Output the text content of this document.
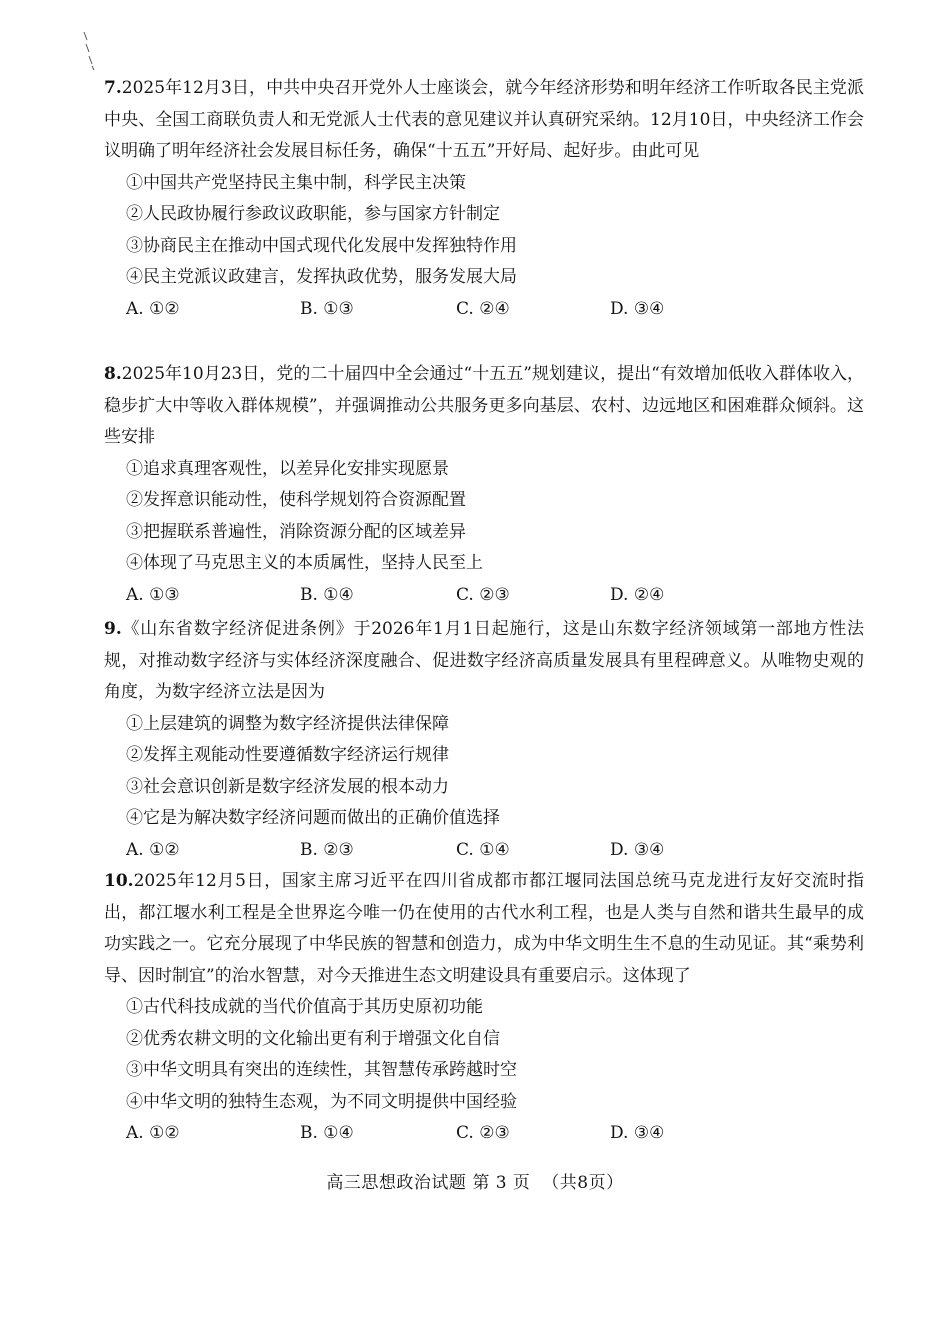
7.2025年12月3日，中共中央召开党外人士座谈会，就今年经济形势和明年经济工作听取各民主党派中央、全国工商联负责人和无党派人士代表的意见建议并认真研究采纳。12月10日，中央经济工作会议明确了明年经济社会发展目标任务，确保“十五五”开好局、起好步。由此可见

①中国共产党坚持民主集中制，科学民主决策

②人民政协履行参政议政职能，参与国家方针制定

③协商民主在推动中国式现代化发展中发挥独特作用

④民主党派议政建言，发挥执政优势，服务发展大局

A. ①②	B. ①③	C. ②④	D. ③④

8.2025年10月23日，党的二十届四中全会通过“十五五”规划建议，提出“有效增加低收入群体收入，稳步扩大中等收入群体规模”，并强调推动公共服务更多向基层、农村、边远地区和困难群众倾斜。这些安排

①追求真理客观性，以差异化安排实现愿景

②发挥意识能动性，使科学规划符合资源配置

③把握联系普遍性，消除资源分配的区域差异

④体现了马克思主义的本质属性，坚持人民至上

A. ①③	B. ①④	C. ②③	D. ②④

9.《山东省数字经济促进条例》于2026年1月1日起施行，这是山东数字经济领域第一部地方性法规，对推动数字经济与实体经济深度融合、促进数字经济高质量发展具有里程碑意义。从唯物史观的角度，为数字经济立法是因为

①上层建筑的调整为数字经济提供法律保障

②发挥主观能动性要遵循数字经济运行规律

③社会意识创新是数字经济发展的根本动力

④它是为解决数字经济问题而做出的正确价值选择

A. ①②	B. ②③	C. ①④	D. ③④

10.2025年12月5日，国家主席习近平在四川省成都市都江堰同法国总统马克龙进行友好交流时指出，都江堰水利工程是全世界迄今唯一仍在使用的古代水利工程，也是人类与自然和谐共生最早的成功实践之一。它充分展现了中华民族的智慧和创造力，成为中华文明生生不息的生动见证。其“乘势利导、因时制宜”的治水智慧，对今天推进生态文明建设具有重要启示。这体现了

①古代科技成就的当代价值高于其历史原初功能

②优秀农耕文明的文化输出更有利于增强文化自信

③中华文明具有突出的连续性，其智慧传承跨越时空

④中华文明的独特生态观，为不同文明提供中国经验

A. ①②	B. ①④	C. ②③	D. ③④
高三思想政治试题 第 3 页 （共8页）
